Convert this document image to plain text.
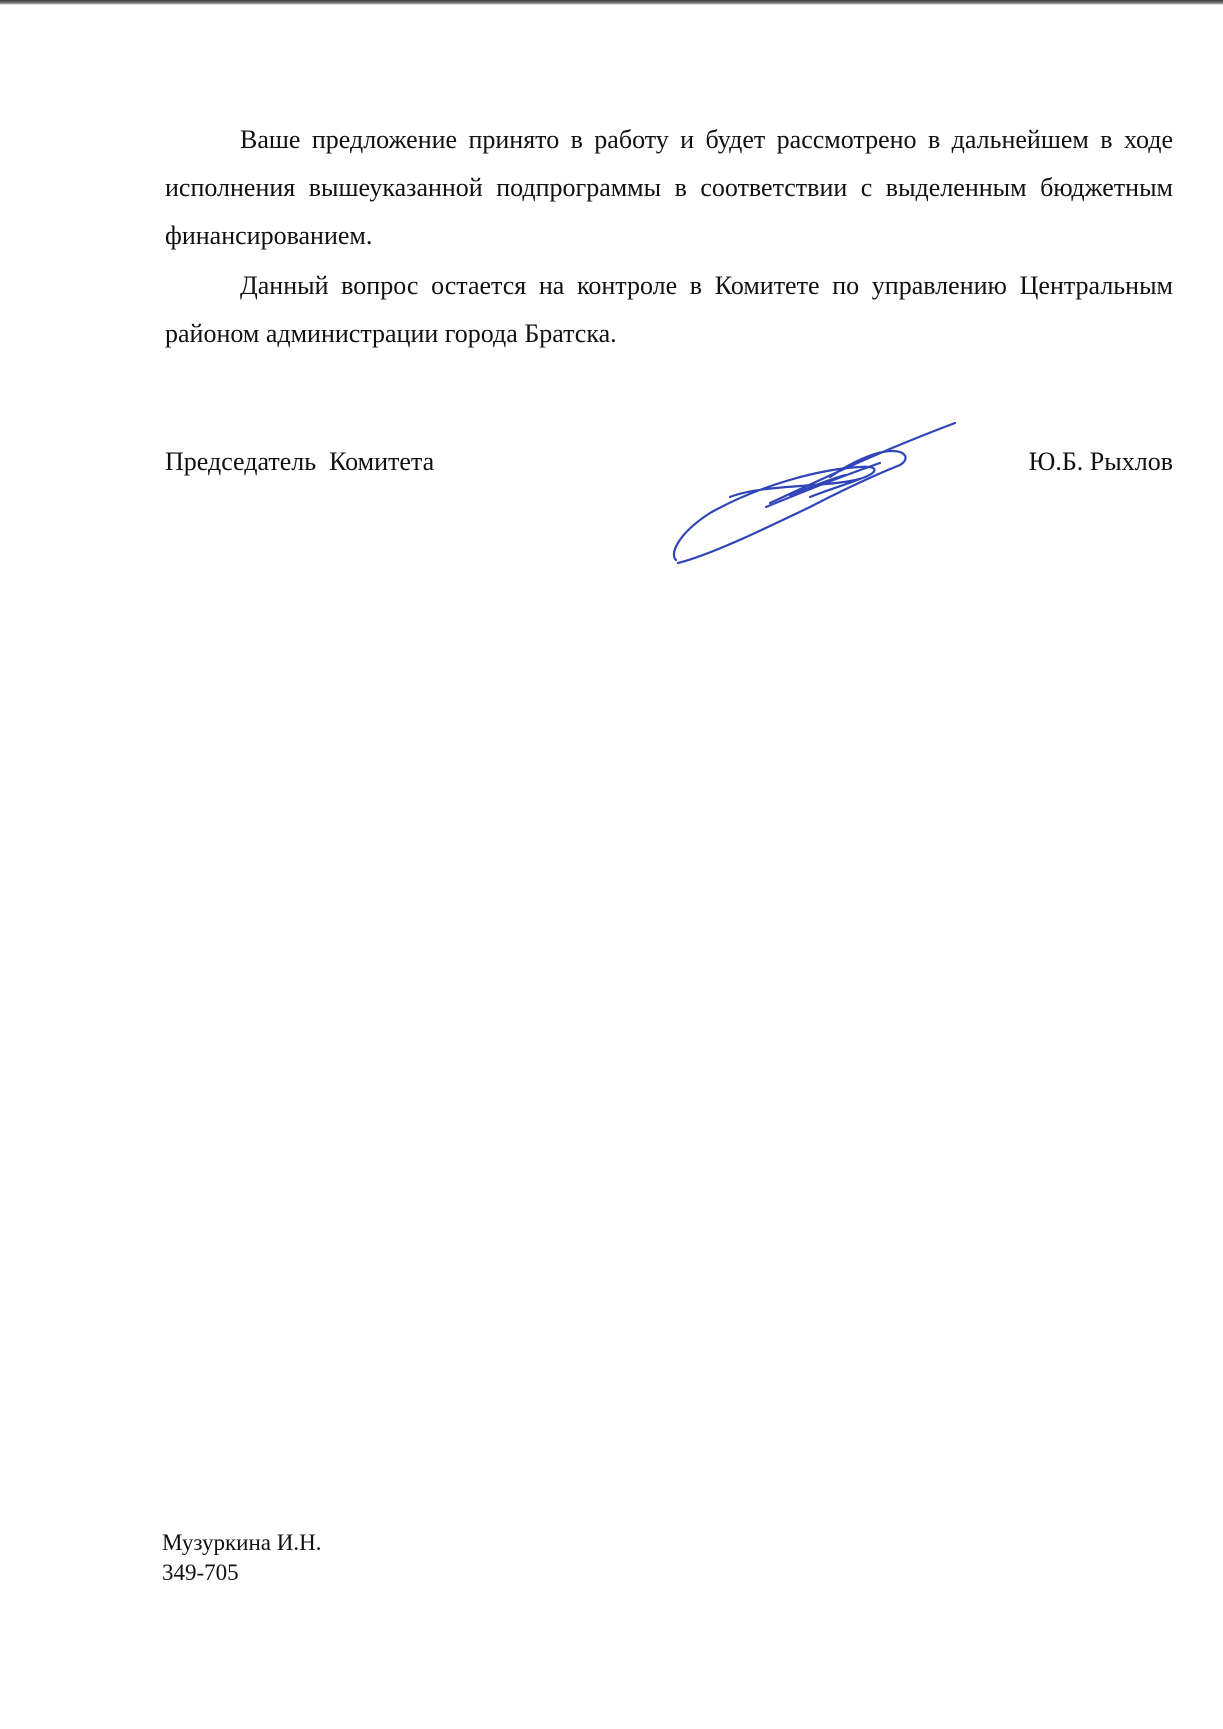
Ваше предложение принято в работу и будет рассмотрено в дальнейшем в ходе исполнения вышеуказанной подпрограммы в соответствии с выделенным бюджетным финансированием.

Данный вопрос остается на контроле в Комитете по управлению Центральным районом администрации города Братска.

Председатель  Комитета	Ю.Б. Рыхлов
Музуркина И.Н.
349-705
